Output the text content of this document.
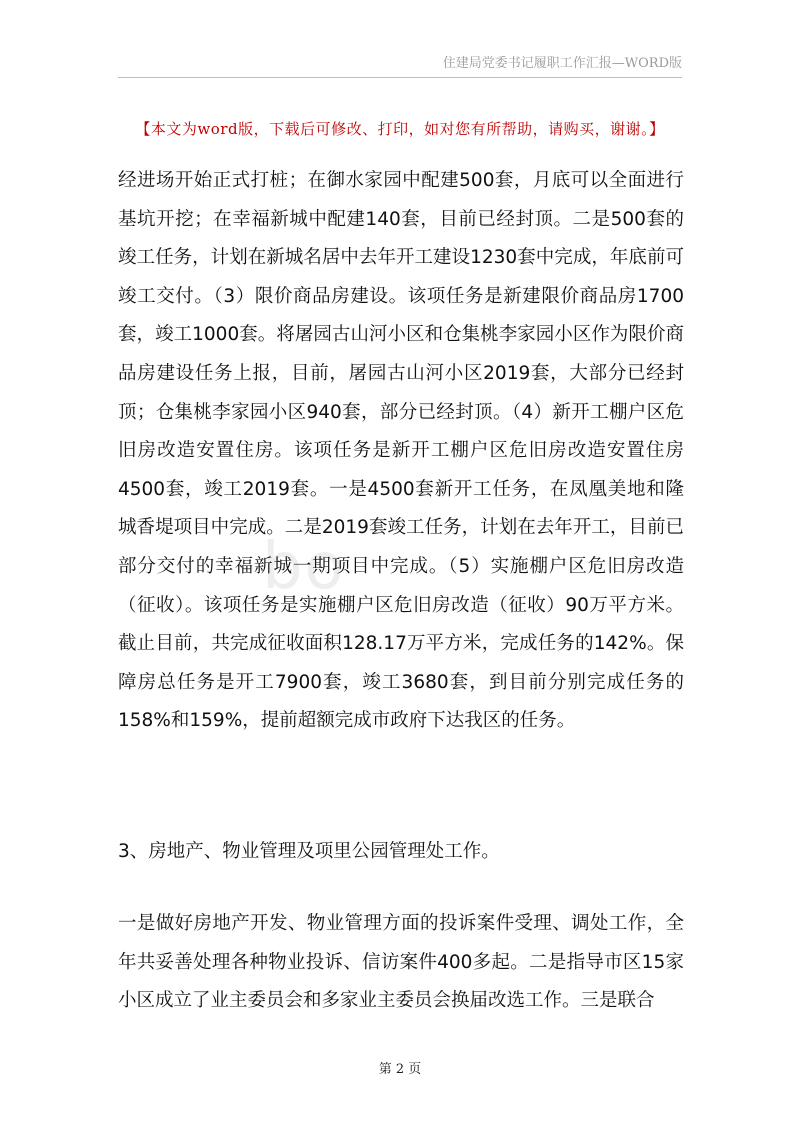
住建局党委书记履职工作汇报—WORD版
【本文为word版，下载后可修改、打印，如对您有所帮助，请购买，谢谢。】
bo

经进场开始正式打桩；在御水家园中配建500套，月底可以全面进行基坑开挖；在幸福新城中配建140套，目前已经封顶。二是500套的竣工任务，计划在新城名居中去年开工建设1230套中完成，年底前可竣工交付。（3）限价商品房建设。该项任务是新建限价商品房1700套，竣工1000套。将屠园古山河小区和仓集桃李家园小区作为限价商品房建设任务上报，目前，屠园古山河小区2019套，大部分已经封顶；仓集桃李家园小区940套，部分已经封顶。（4）新开工棚户区危旧房改造安置住房。该项任务是新开工棚户区危旧房改造安置住房4500套，竣工2019套。一是4500套新开工任务，在凤凰美地和隆城香堤项目中完成。二是2019套竣工任务，计划在去年开工，目前已部分交付的幸福新城一期项目中完成。（5）实施棚户区危旧房改造（征收）。该项任务是实施棚户区危旧房改造（征收）90万平方米。截止目前，共完成征收面积128.17万平方米，完成任务的142%。保障房总任务是开工7900套，竣工3680套，到目前分别完成任务的158%和159%，提前超额完成市政府下达我区的任务。

3、房地产、物业管理及项里公园管理处工作。

一是做好房地产开发、物业管理方面的投诉案件受理、调处工作，全年共妥善处理各种物业投诉、信访案件400多起。二是指导市区15家小区成立了业主委员会和多家业主委员会换届改选工作。三是联合

第 2 页
